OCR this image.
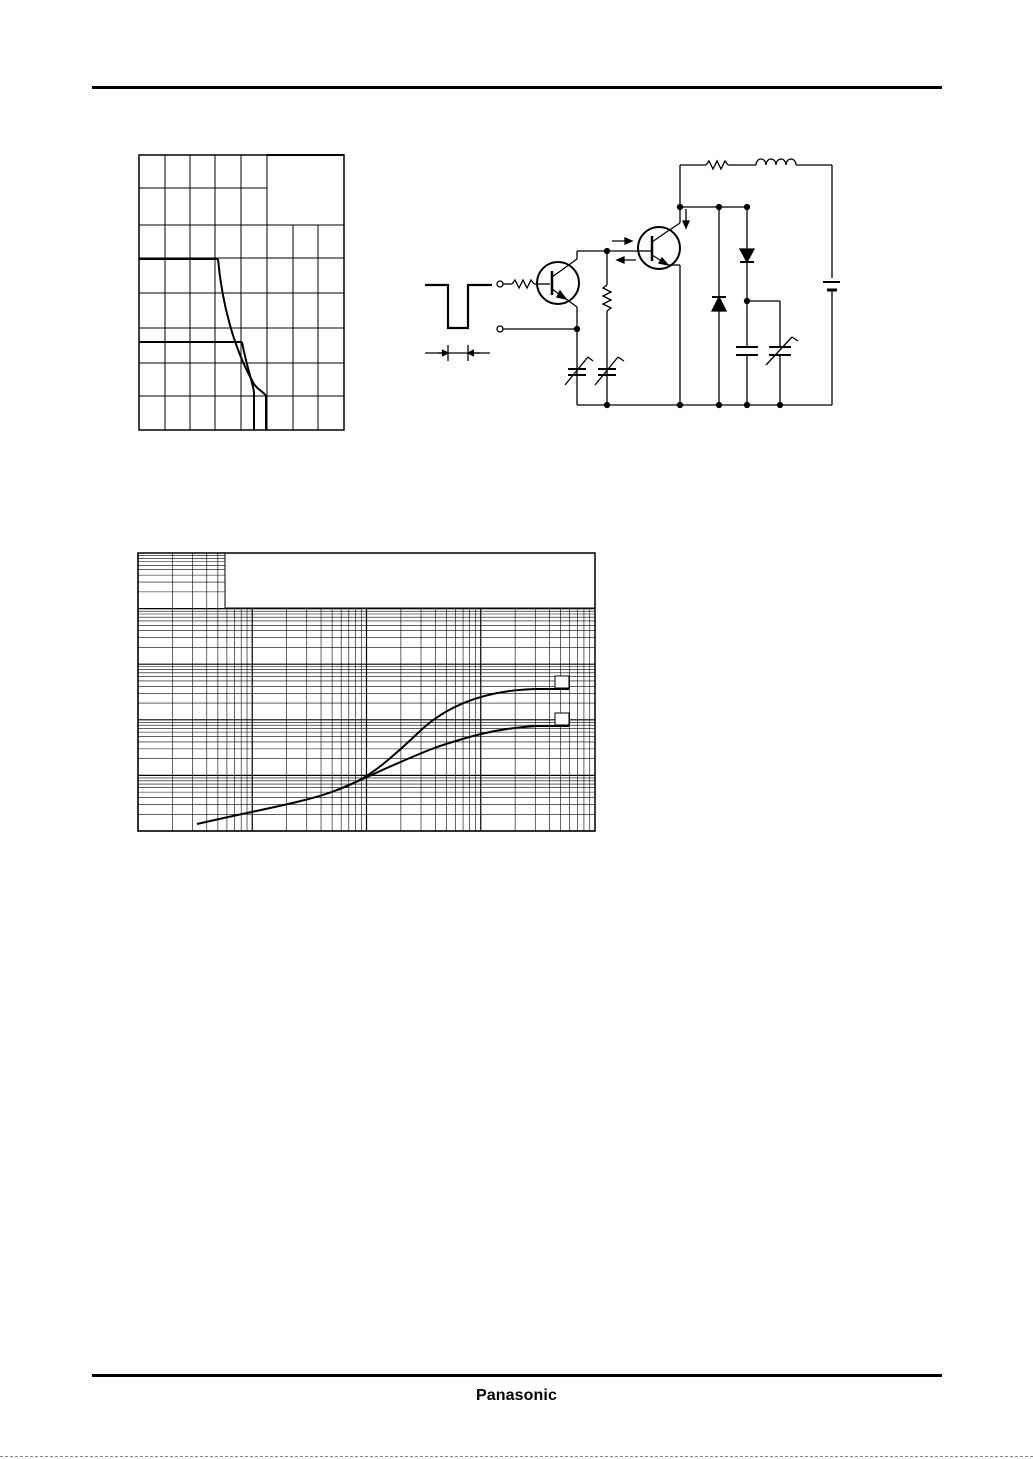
Panasonic
